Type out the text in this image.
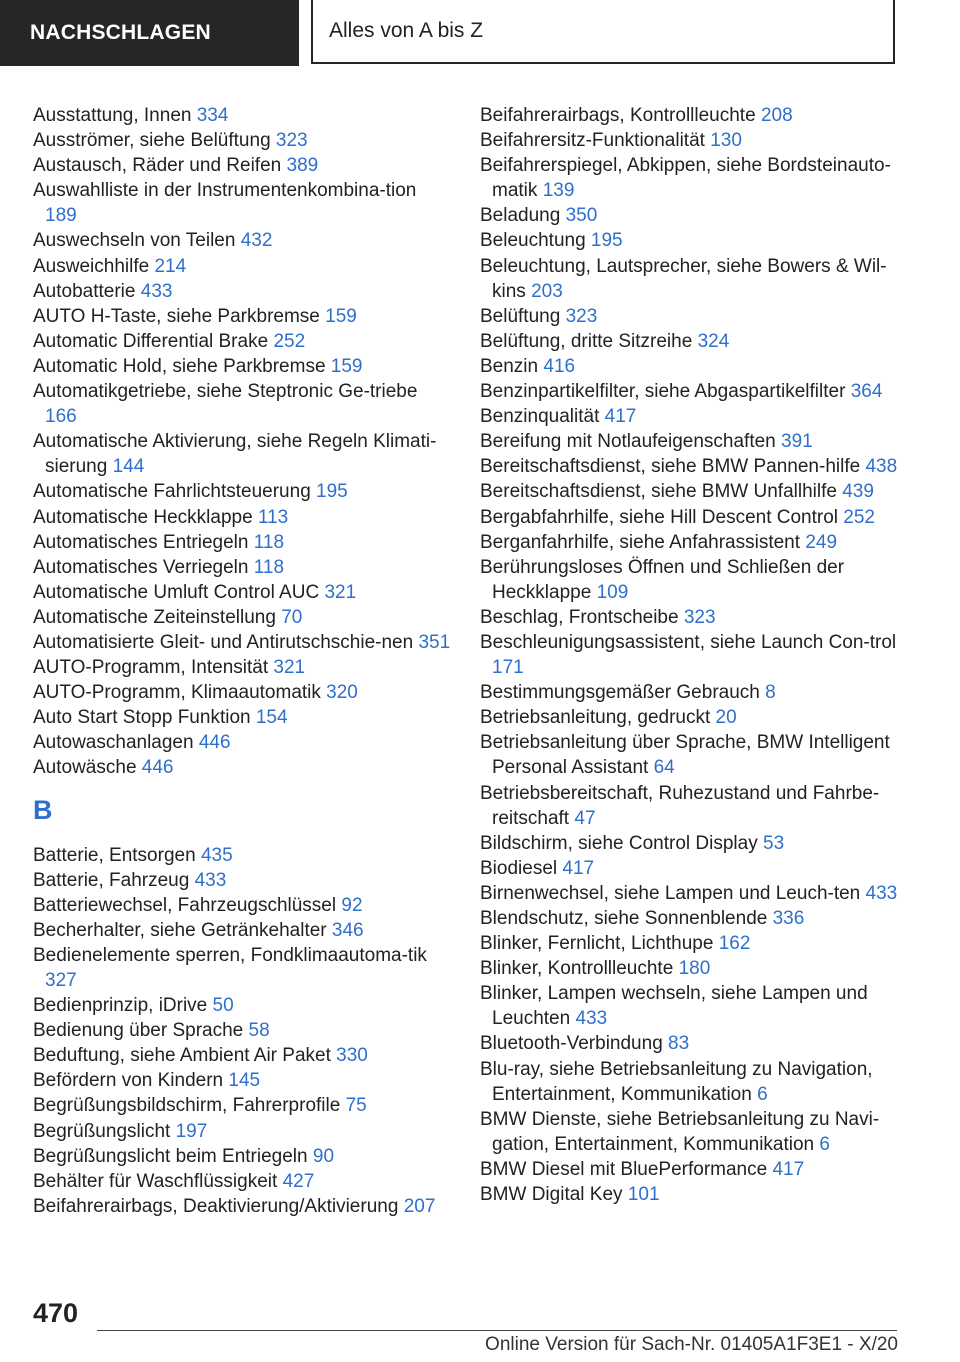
NACHSCHLAGEN	Alles von A bis Z
Ausstattung, Innen 334
Ausströmer, siehe Belüftung 323
Austausch, Räder und Reifen 389
Auswahlliste in der Instrumentenkombina-tion 189
Auswechseln von Teilen 432
Ausweichhilfe 214
Autobatterie 433
AUTO H-Taste, siehe Parkbremse 159
Automatic Differential Brake 252
Automatic Hold, siehe Parkbremse 159
Automatikgetriebe, siehe Steptronic Ge-triebe 166
Automatische Aktivierung, siehe Regeln Klimati-sierung 144
Automatische Fahrlichtsteuerung 195
Automatische Heckklappe 113
Automatisches Entriegeln 118
Automatisches Verriegeln 118
Automatische Umluft Control AUC 321
Automatische Zeiteinstellung 70
Automatisierte Gleit- und Antirutschschie-nen 351
AUTO-Programm, Intensität 321
AUTO-Programm, Klimaautomatik 320
Auto Start Stopp Funktion 154
Autowaschanlagen 446
Autowäsche 446
B
Batterie, Entsorgen 435
Batterie, Fahrzeug 433
Batteriewechsel, Fahrzeugschlüssel 92
Becherhalter, siehe Getränkehalter 346
Bedienelemente sperren, Fondklimaautoma-tik 327
Bedienprinzip, iDrive 50
Bedienung über Sprache 58
Beduftung, siehe Ambient Air Paket 330
Befördern von Kindern 145
Begrüßungsbildschirm, Fahrerprofile 75
Begrüßungslicht 197
Begrüßungslicht beim Entriegeln 90
Behälter für Waschflüssigkeit 427
Beifahrerairbags, Deaktivierung/Aktivierung 207
Beifahrerairbags, Kontrollleuchte 208
Beifahrersitz-Funktionalität 130
Beifahrerspiegel, Abkippen, siehe Bordsteinauto-matik 139
Beladung 350
Beleuchtung 195
Beleuchtung, Lautsprecher, siehe Bowers & Wil-kins 203
Belüftung 323
Belüftung, dritte Sitzreihe 324
Benzin 416
Benzinpartikelfilter, siehe Abgaspartikelfilter 364
Benzinqualität 417
Bereifung mit Notlaufeigenschaften 391
Bereitschaftsdienst, siehe BMW Pannen-hilfe 438
Bereitschaftsdienst, siehe BMW Unfallhilfe 439
Bergabfahrhilfe, siehe Hill Descent Control 252
Berganfahrhilfe, siehe Anfahrassistent 249
Berührungsloses Öffnen und Schließen der Heckklappe 109
Beschlag, Frontscheibe 323
Beschleunigungsassistent, siehe Launch Con-trol 171
Bestimmungsgemäßer Gebrauch 8
Betriebsanleitung, gedruckt 20
Betriebsanleitung über Sprache, BMW Intelligent Personal Assistant 64
Betriebsbereitschaft, Ruhezustand und Fahrbe-reitschaft 47
Bildschirm, siehe Control Display 53
Biodiesel 417
Birnenwechsel, siehe Lampen und Leuch-ten 433
Blendschutz, siehe Sonnenblende 336
Blinker, Fernlicht, Lichthupe 162
Blinker, Kontrollleuchte 180
Blinker, Lampen wechseln, siehe Lampen und Leuchten 433
Bluetooth-Verbindung 83
Blu-ray, siehe Betriebsanleitung zu Navigation, Entertainment, Kommunikation 6
BMW Dienste, siehe Betriebsanleitung zu Navi-gation, Entertainment, Kommunikation 6
BMW Diesel mit BluePerformance 417
BMW Digital Key 101
470
Online Version für Sach-Nr. 01405A1F3E1 - X/20
